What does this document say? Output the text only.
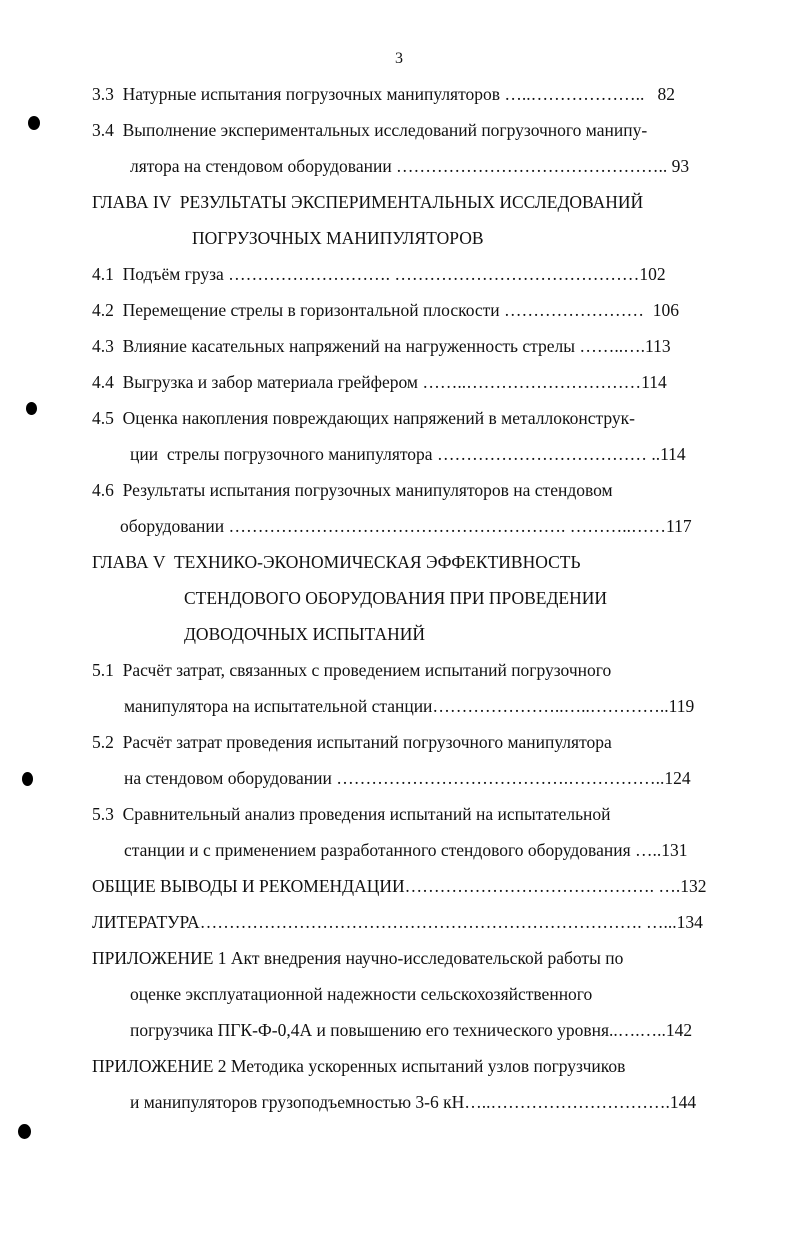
3
3.3  Натурные испытания погрузочных манипуляторов …..………………..   82
3.4  Выполнение экспериментальных исследований погрузочного манипу-
лятора на стендовом оборудовании ……………………………………….. 93
ГЛАВА IV  РЕЗУЛЬТАТЫ ЭКСПЕРИМЕНТАЛЬНЫХ ИССЛЕДОВАНИЙ
ПОГРУЗОЧНЫХ МАНИПУЛЯТОРОВ
4.1  Подъём груза ………………………. ……………………………………102
4.2  Перемещение стрелы в горизонтальной плоскости ……………………  106
4.3  Влияние касательных напряжений на нагруженность стрелы ……..….113
4.4  Выгрузка и забор материала грейфером ……..…………………………114
4.5  Оценка накопления повреждающих напряжений в металлоконструк-
ции  стрелы погрузочного манипулятора ……………………………… ..114
4.6  Результаты испытания погрузочных манипуляторов на стендовом
оборудовании …………………………………………………. ………..……117
ГЛАВА V  ТЕХНИКО-ЭКОНОМИЧЕСКАЯ ЭФФЕКТИВНОСТЬ
СТЕНДОВОГО ОБОРУДОВАНИЯ ПРИ ПРОВЕДЕНИИ
ДОВОДОЧНЫХ ИСПЫТАНИЙ
5.1  Расчёт затрат, связанных с проведением испытаний погрузочного
манипулятора на испытательной станции…………………..…..…………..119
5.2  Расчёт затрат проведения испытаний погрузочного манипулятора
на стендовом оборудовании ………………………………….……………..124
5.3  Сравнительный анализ проведения испытаний на испытательной
станции и с применением разработанного стендового оборудования …..131
ОБЩИЕ ВЫВОДЫ И РЕКОМЕНДАЦИИ……………………………………. ….132
ЛИТЕРАТУРА…………………………………………………………………. …...134
ПРИЛОЖЕНИЕ 1 Акт внедрения научно-исследовательской работы по
оценке эксплуатационной надежности сельскохозяйственного
погрузчика ПГК-Ф-0,4А и повышению его технического уровня..….…..142
ПРИЛОЖЕНИЕ 2 Методика ускоренных испытаний узлов погрузчиков
и манипуляторов грузоподъемностью 3-6 кН…..………………………….144
